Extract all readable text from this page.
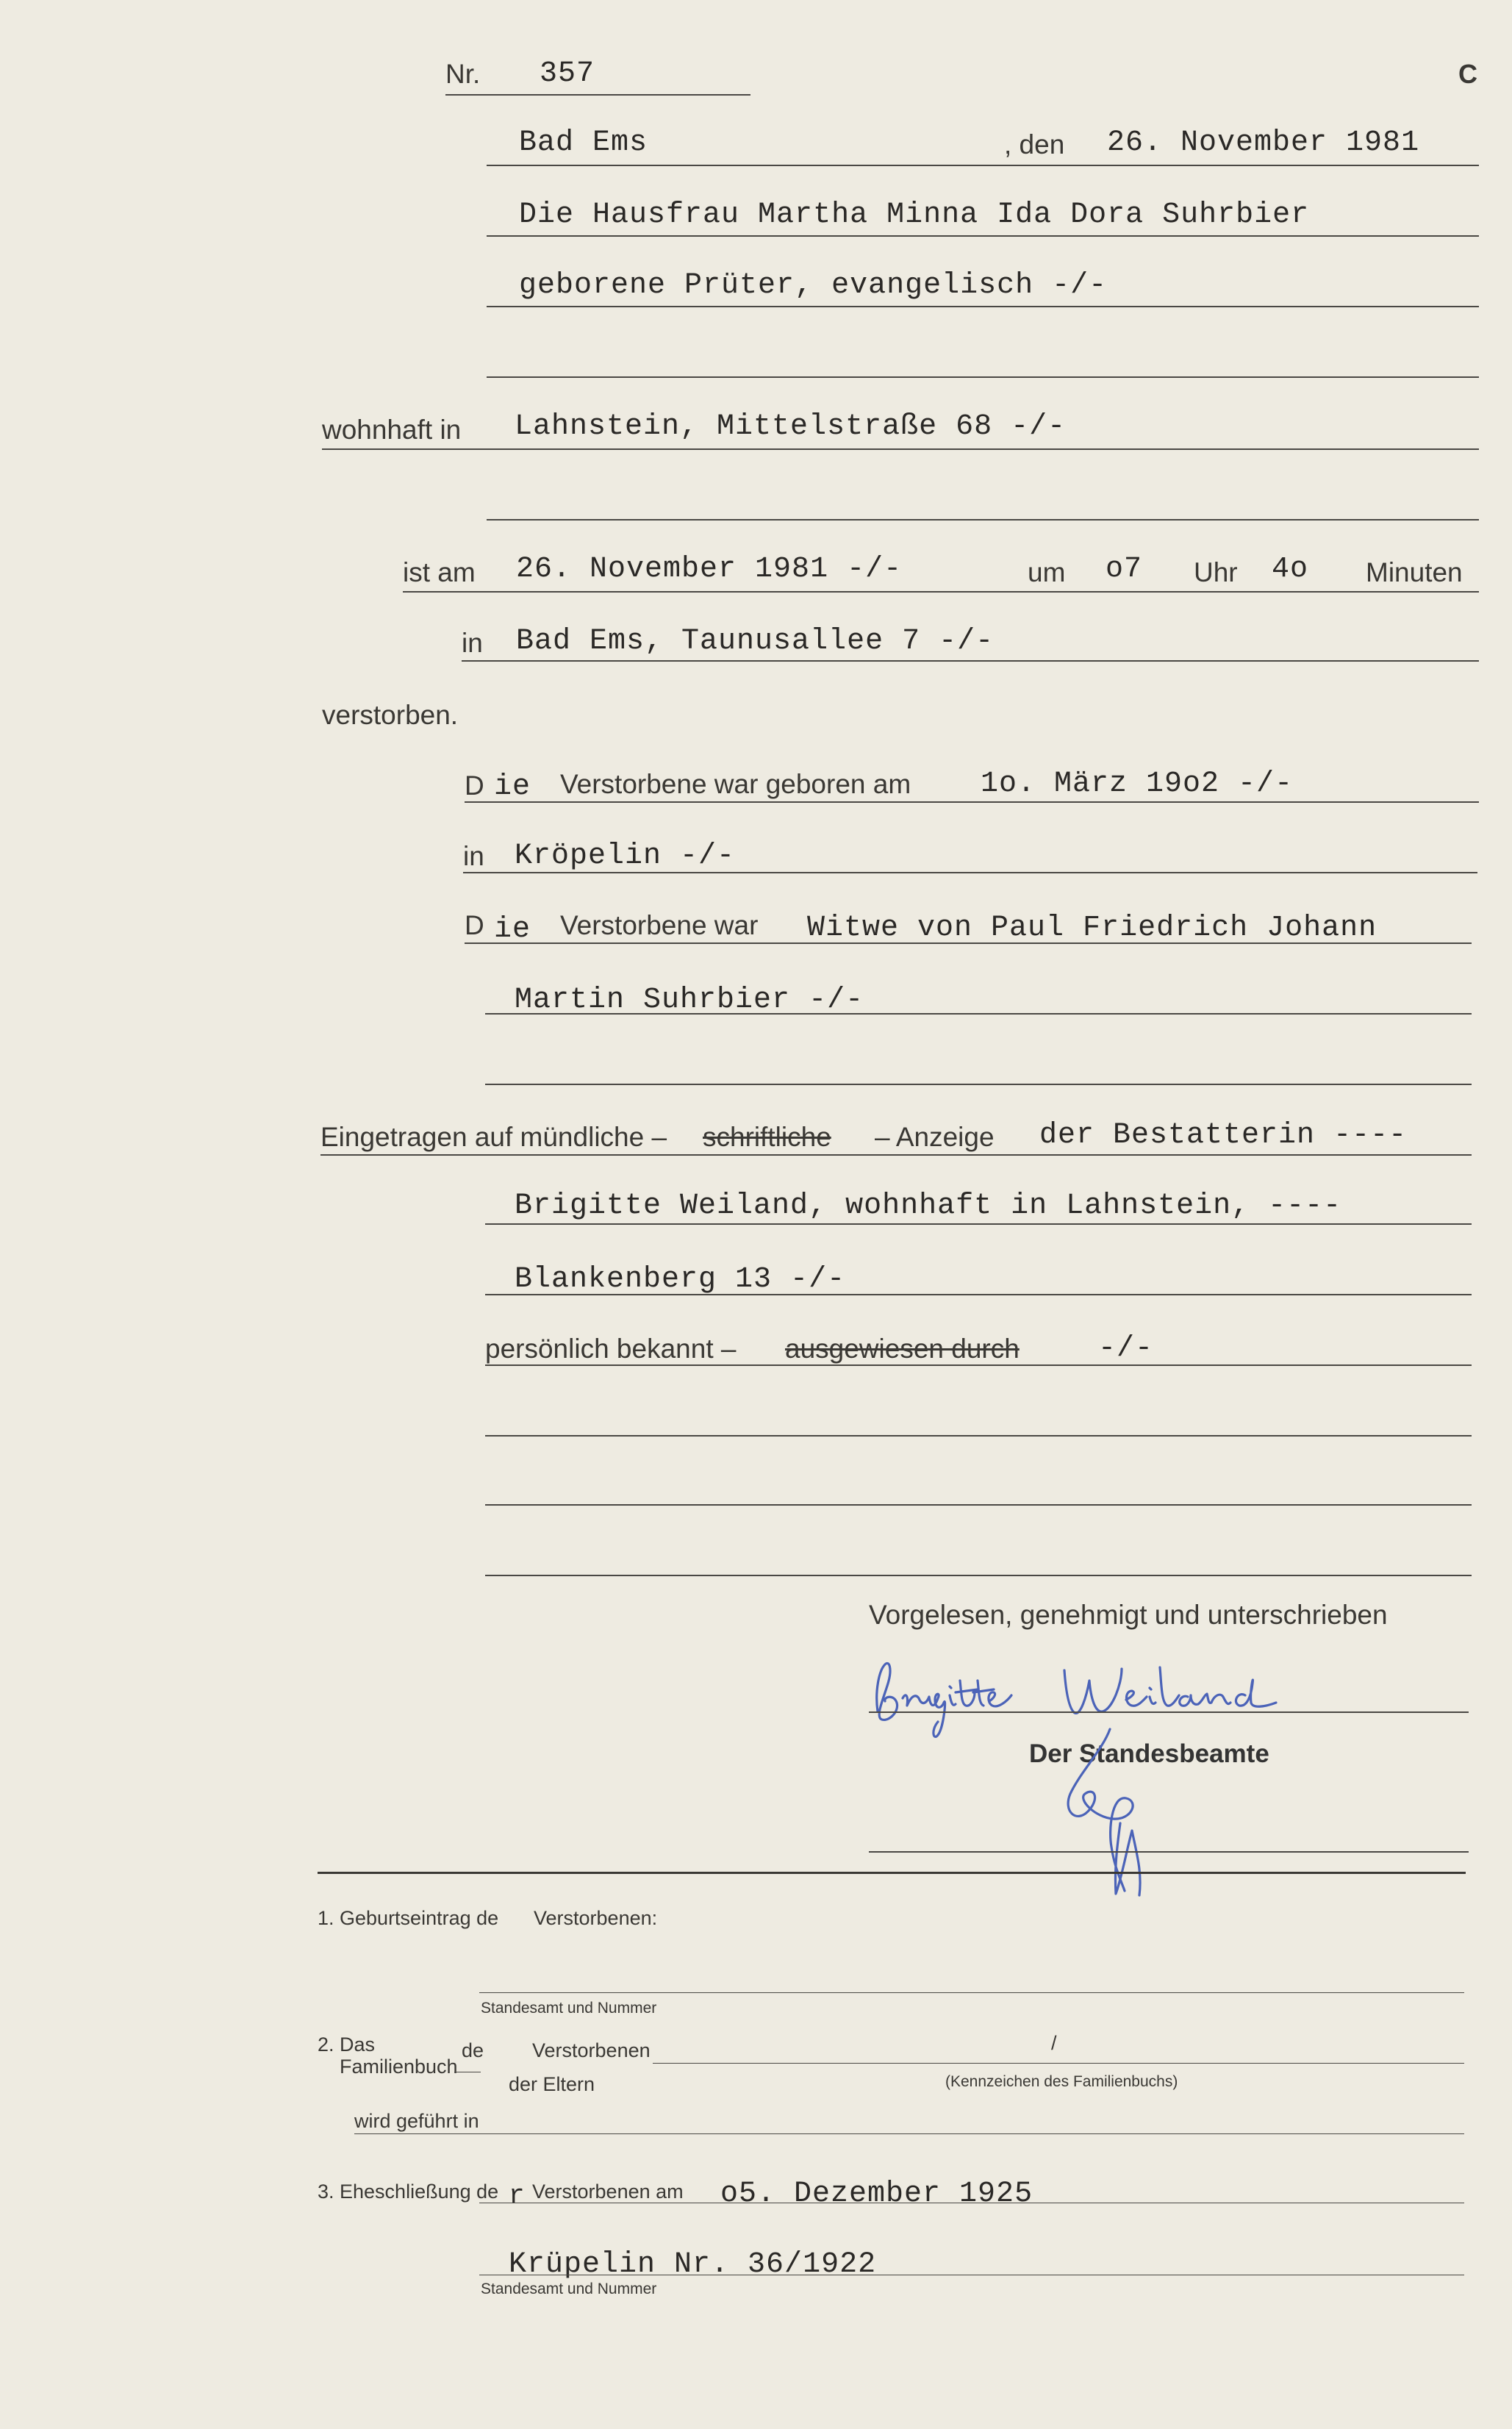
Nr. 357	C
Bad Ems	, den 26. November 1981
Die Hausfrau Martha Minna Ida Dora Suhrbier
geborene Prüter, evangelisch -/-
wohnhaft in Lahnstein, Mittelstraße 68 -/-
ist am 26. November 1981 -/-	um o7 Uhr 4o Minuten
in Bad Ems, Taunusallee 7 -/-
verstorben.
D ie Verstorbene war geboren am 1o. März 19o2 -/-
in Kröpelin -/-
D ie Verstorbene war Witwe von Paul Friedrich Johann
Martin Suhrbier -/-
Eingetragen auf mündliche – schriftliche – Anzeige der Bestatterin ----
Brigitte Weiland, wohnhaft in Lahnstein, ----
Blankenberg 13 -/-
persönlich bekannt – ausgewiesen durch	-/-
Vorgelesen, genehmigt und unterschrieben
Der Standesbeamte
1. Geburtseintrag de Verstorbenen:
Standesamt und Nummer
2. Das
Familienbuch
de Verstorbenen
der Eltern
/
(Kennzeichen des Familienbuchs)
wird geführt in
3. Eheschließung de r Verstorbenen am o5. Dezember 1925
Krüpelin Nr. 36/1922
Standesamt und Nummer
